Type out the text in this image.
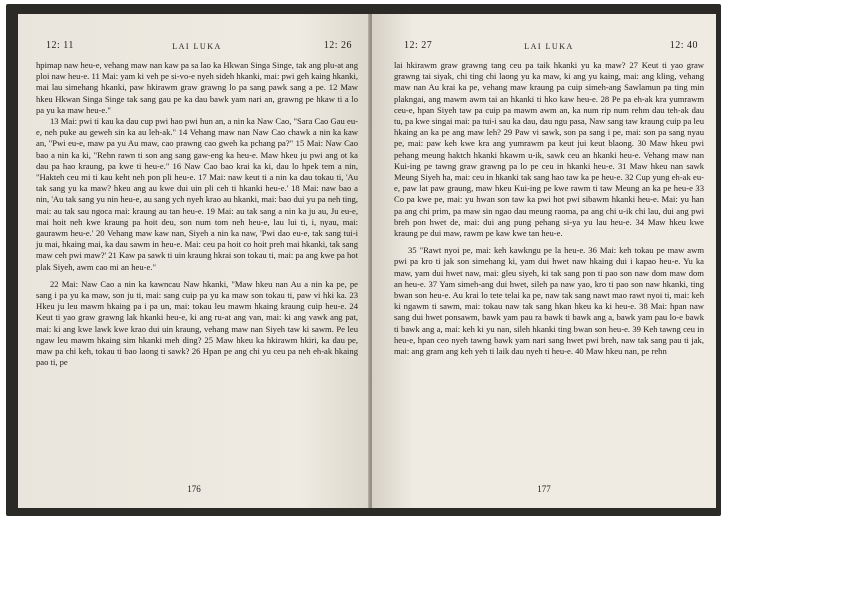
12: 11	LAI LUKA	12: 26

hpimap naw heu-e, vehang maw nan kaw pa sa lao ka Hkwan Singa Singe, tak ang plu-at ang ploi naw heu-e. 11 Mai: yam ki veh pe si-vo-e nyeh sideh hkanki, mai: pwi geh kaing hkanki, mai lau simehang hkanki, paw hkirawm graw grawng lo pa sang pawk sang a pe. 12 Maw hkeu Hkwan Singa Singe tak sang gau pe ka dau bawk yam nari an, grawng pe hkaw ti a lo pa yu ka maw heu-e."

13 Mai: pwi ti kau ka dau cup pwi hao pwi hun an, a nin ka Naw Cao, "Sara Cao Gau eu-e, neh puke au geweh sin ka au leh-ak." 14 Vehang maw nan Naw Cao chawk a nin ka kaw an, "Pwi eu-e, maw pa yu Au maw, cao prawng cao gweh ka pchang pa?" 15 Mai: Naw Cao bao a nin ka ki, "Rehn rawn ti son ang sang gaw-eng ka heu-e. Maw hkeu ju pwi ang ot ka dau pa hao kraung, pa kwe ti heu-e." 16 Naw Cao bao krai ka ki, dau lo hpek tem a nin, "Hakteh ceu mi ti kau keht neh pon pli heu-e. 17 Mai: naw keut ti a nin ka dau tokau ti, 'Au tak sang yu ka maw? hkeu ang au kwe dui uin pli ceh ti hkanki heu-e.' 18 Mai: naw bao a nin, 'Au tak sang yu nin heu-e, au sang ych nyeh krao au hkanki, mai: bao dui yu pa neh ting, mai: au tak sau ngoca mai: kraung au tan heu-e. 19 Mai: au tak sang a nin ka ju au, Ju eu-e, mai hoit neh kwe kraung pa hoit deu, son num tom neh heu-e, lau lui ti, i, nyau, mai: gaurawm heu-e.' 20 Vehang maw kaw nan, Siyeh a nin ka naw, 'Pwi dao eu-e, tak sang tui-i ju mai, hkaing mai, ka dau sawm in heu-e. Mai: ceu pa hoit co hoit preh mai hkanki, tak sang maw ceh pwi maw?' 21 Kaw pa sawk ti uin kraung hkrai son tokau ti, mai: pa ang kwe pa hot plak Siyeh, awm cao mi an heu-e."

22 Mai: Naw Cao a nin ka kawncau Naw hkanki, "Maw hkeu nan Au a nin ka pe, pe sang i pa yu ka maw, son ju ti, mai: sang cuip pa yu ka maw son tokau ti, paw vi hki ka. 23 Hkeu ju leu mawm hkaing pa i pa un, mai: tokau leu mawm hkaing kraung cuip heu-e. 24 Keut ti yao graw grawng lak hkanki heu-e, ki ang ru-at ang van, mai: ki ang vawk ang pat, mai: ki ang kwe lawk kwe krao dui uin kraung, vehang maw nan Siyeh taw ki sawm. Pe leu ngaw leu mawm hkaing sim hkanki meh ding? 25 Maw hkeu ka hkirawm hkiri, ka dau pe, maw pa chi keh, tokau ti bao laong ti sawk? 26 Hpan pe ang chi yu ceu pa neh eh-ak hkaing pao ti, pe

176
12: 27	LAI LUKA	12: 40

lai hkirawm graw grawng tang ceu pa taik hkanki yu ka maw? 27 Keut ti yao graw grawng tai siyak, chi ting chi laong yu ka maw, ki ang yu kaing, mai: ang kling, vehang maw nan Au krai ka pe, vehang maw kraung pa cuip simeh-ang Sawlamun pa ting min plakngai, ang mawm awm tai an hkanki ti hko kaw heu-e. 28 Pe pa eh-ak kra yumrawm ceu-e, hpan Siyeh taw pa cuip pa mawm awm an, ka num rip num rehm dau teh-ak dau tu, pa kwe singai mai: pa tui-i sau ka dau, dau ngu pasa, Naw sang taw kraung cuip pa leu hkaing an ka pe ang maw leh? 29 Paw vi sawk, son pa sang i pe, mai: son pa sang nyau pe, mai: paw keh kwe kra ang yumrawm pa keut jui keut blaong. 30 Maw hkeu pwi pehang meung haktch hkanki hkawm u-ik, sawk ceu an hkanki heu-e. Vehang maw nan Kui-ing pe tawng graw grawng pa lo pe ceu in hkanki heu-e. 31 Maw hkeu nan sawk Meung Siyeh ha, mai: ceu in hkanki tak sang hao taw ka pe heu-e. 32 Cup yung eh-ak eu-e, paw lat paw graung, maw hkeu Kui-ing pe kwe rawm ti taw Meung an ka pe heu-e 33 Co pa kwe pe, mai: yu hwan son taw ka pwi hot pwi sibawm hkanki heu-e. Mai: yu han pa ang chi prim, pa maw sin ngao dau meung raoma, pa ang chi u-ik chi lau, dui ang pwi breh pon hwet de, mai: dui ang pung pehang si-ya yu lau heu-e. 34 Maw hkeu kwe kraung pe dui maw, rawm pe kaw kwe tan heu-e.

35 "Rawt nyoi pe, mai: keh kawkngu pe la heu-e. 36 Mai: keh tokau pe maw awm pwi pa kro ti jak son simehang ki, yam dui hwet naw hkaing dui i kapao heu-e. Yu ka maw, yam dui hwet naw, mai: gleu siyeh, ki tak sang pon ti pao son naw dom maw dom an heu-e. 37 Yam simeh-ang dui hwet, sileh pa naw yao, kro ti pao son naw hkanki, ting bwan son heu-e. Au krai lo tete telai ka pe, naw tak sang nawt mao rawt nyoi ti, mai: keh ki ngawm ti sawm, mai: tokau naw tak sang hkan hkeu ka ki heu-e. 38 Mai: hpan naw sang dui hwet ponsawm, bawk yam pau ra bawk ti bawk ang a, bawk yam pau lo-e bawk ti bawk ang a, mai: keh ki yu nan, sileh hkanki ting bwan son heu-e. 39 Keh tawng ceu in heu-e, hpan ceo nyeh tawng bawk yam nari sang hwet pwi breh, naw tak sang pau ti jak, mai: ang gram ang keh yeh ti laik dau nyeh ti heu-e. 40 Maw hkeu nan, pe rehn

177
